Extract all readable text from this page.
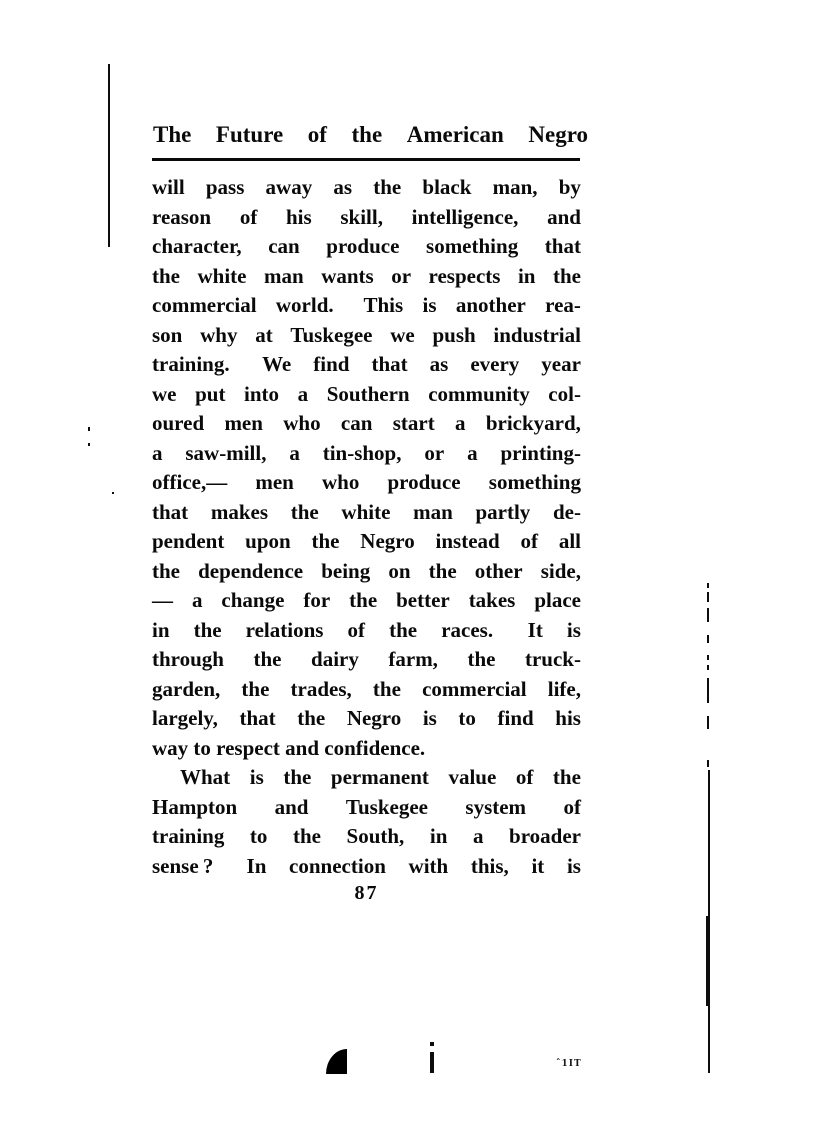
The Future of the American Negro
will pass away as the black man, by
reason of his skill, intelligence, and
character, can produce something that
the white man wants or respects in the
commercial world.  This is another rea-
son why at Tuskegee we push industrial
training.  We find that as every year
we put into a Southern community col-
oured men who can start a brickyard,
a saw-mill, a tin-shop, or a printing-
office,— men who produce something
that makes the white man partly de-
pendent upon the Negro instead of all
the dependence being on the other side,
— a change for the better takes place
in the relations of the races.  It is
through the dairy farm, the truck-
garden, the trades, the commercial life,
largely, that the Negro is to find his
way to respect and confidence.
What is the permanent value of the
Hampton and Tuskegee system of
training to the South, in a broader
sense ?  In connection with this, it is
87
ˆ1IT
